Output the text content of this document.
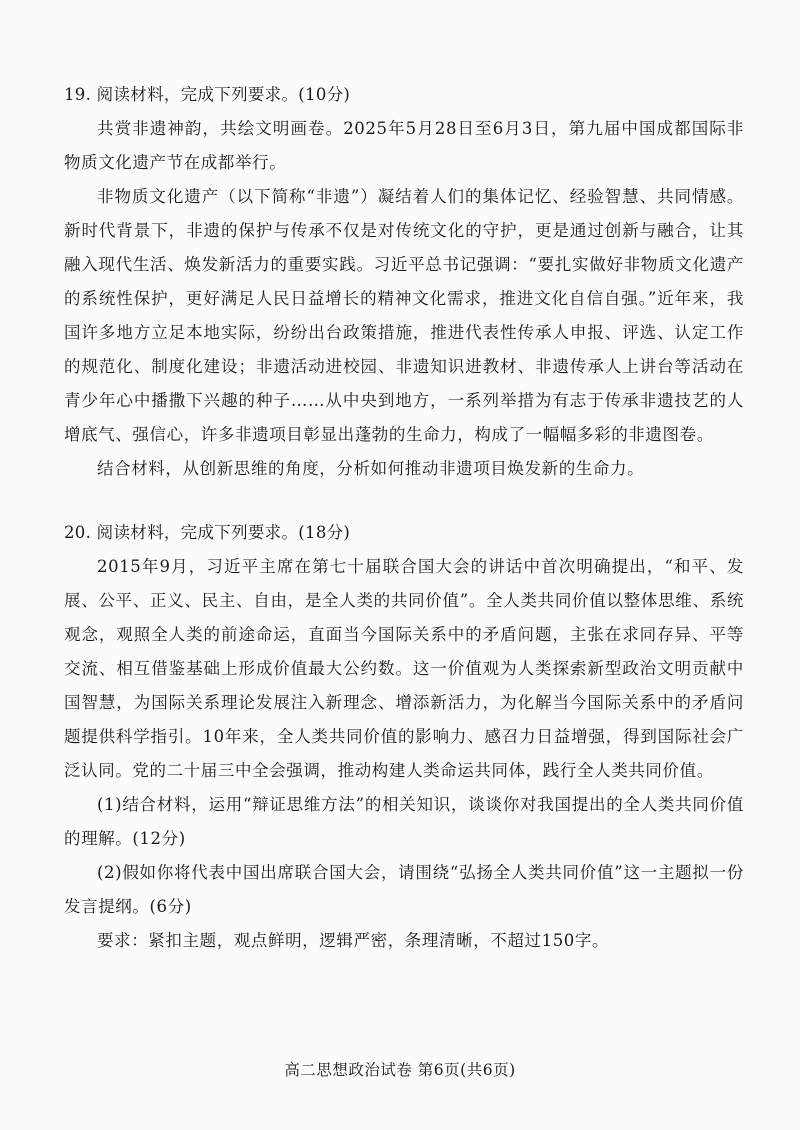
19. 阅读材料，完成下列要求。(10分)

共赏非遗神韵，共绘文明画卷。2025年5月28日至6月3日，第九届中国成都国际非物质文化遗产节在成都举行。

非物质文化遗产（以下简称“非遗”）凝结着人们的集体记忆、经验智慧、共同情感。新时代背景下，非遗的保护与传承不仅是对传统文化的守护，更是通过创新与融合，让其融入现代生活、焕发新活力的重要实践。习近平总书记强调：“要扎实做好非物质文化遗产的系统性保护，更好满足人民日益增长的精神文化需求，推进文化自信自强。”近年来，我国许多地方立足本地实际，纷纷出台政策措施，推进代表性传承人申报、评选、认定工作的规范化、制度化建设；非遗活动进校园、非遗知识进教材、非遗传承人上讲台等活动在青少年心中播撒下兴趣的种子……从中央到地方，一系列举措为有志于传承非遗技艺的人增底气、强信心，许多非遗项目彰显出蓬勃的生命力，构成了一幅幅多彩的非遗图卷。

结合材料，从创新思维的角度，分析如何推动非遗项目焕发新的生命力。

20. 阅读材料，完成下列要求。(18分)

2015年9月，习近平主席在第七十届联合国大会的讲话中首次明确提出，“和平、发展、公平、正义、民主、自由，是全人类的共同价值”。全人类共同价值以整体思维、系统观念，观照全人类的前途命运，直面当今国际关系中的矛盾问题，主张在求同存异、平等交流、相互借鉴基础上形成价值最大公约数。这一价值观为人类探索新型政治文明贡献中国智慧，为国际关系理论发展注入新理念、增添新活力，为化解当今国际关系中的矛盾问题提供科学指引。10年来，全人类共同价值的影响力、感召力日益增强，得到国际社会广泛认同。党的二十届三中全会强调，推动构建人类命运共同体，践行全人类共同价值。

(1)结合材料，运用“辩证思维方法”的相关知识，谈谈你对我国提出的全人类共同价值的理解。(12分)

(2)假如你将代表中国出席联合国大会，请围绕“弘扬全人类共同价值”这一主题拟一份发言提纲。(6分)

要求：紧扣主题，观点鲜明，逻辑严密，条理清晰，不超过150字。

高二思想政治试卷 第6页(共6页)
